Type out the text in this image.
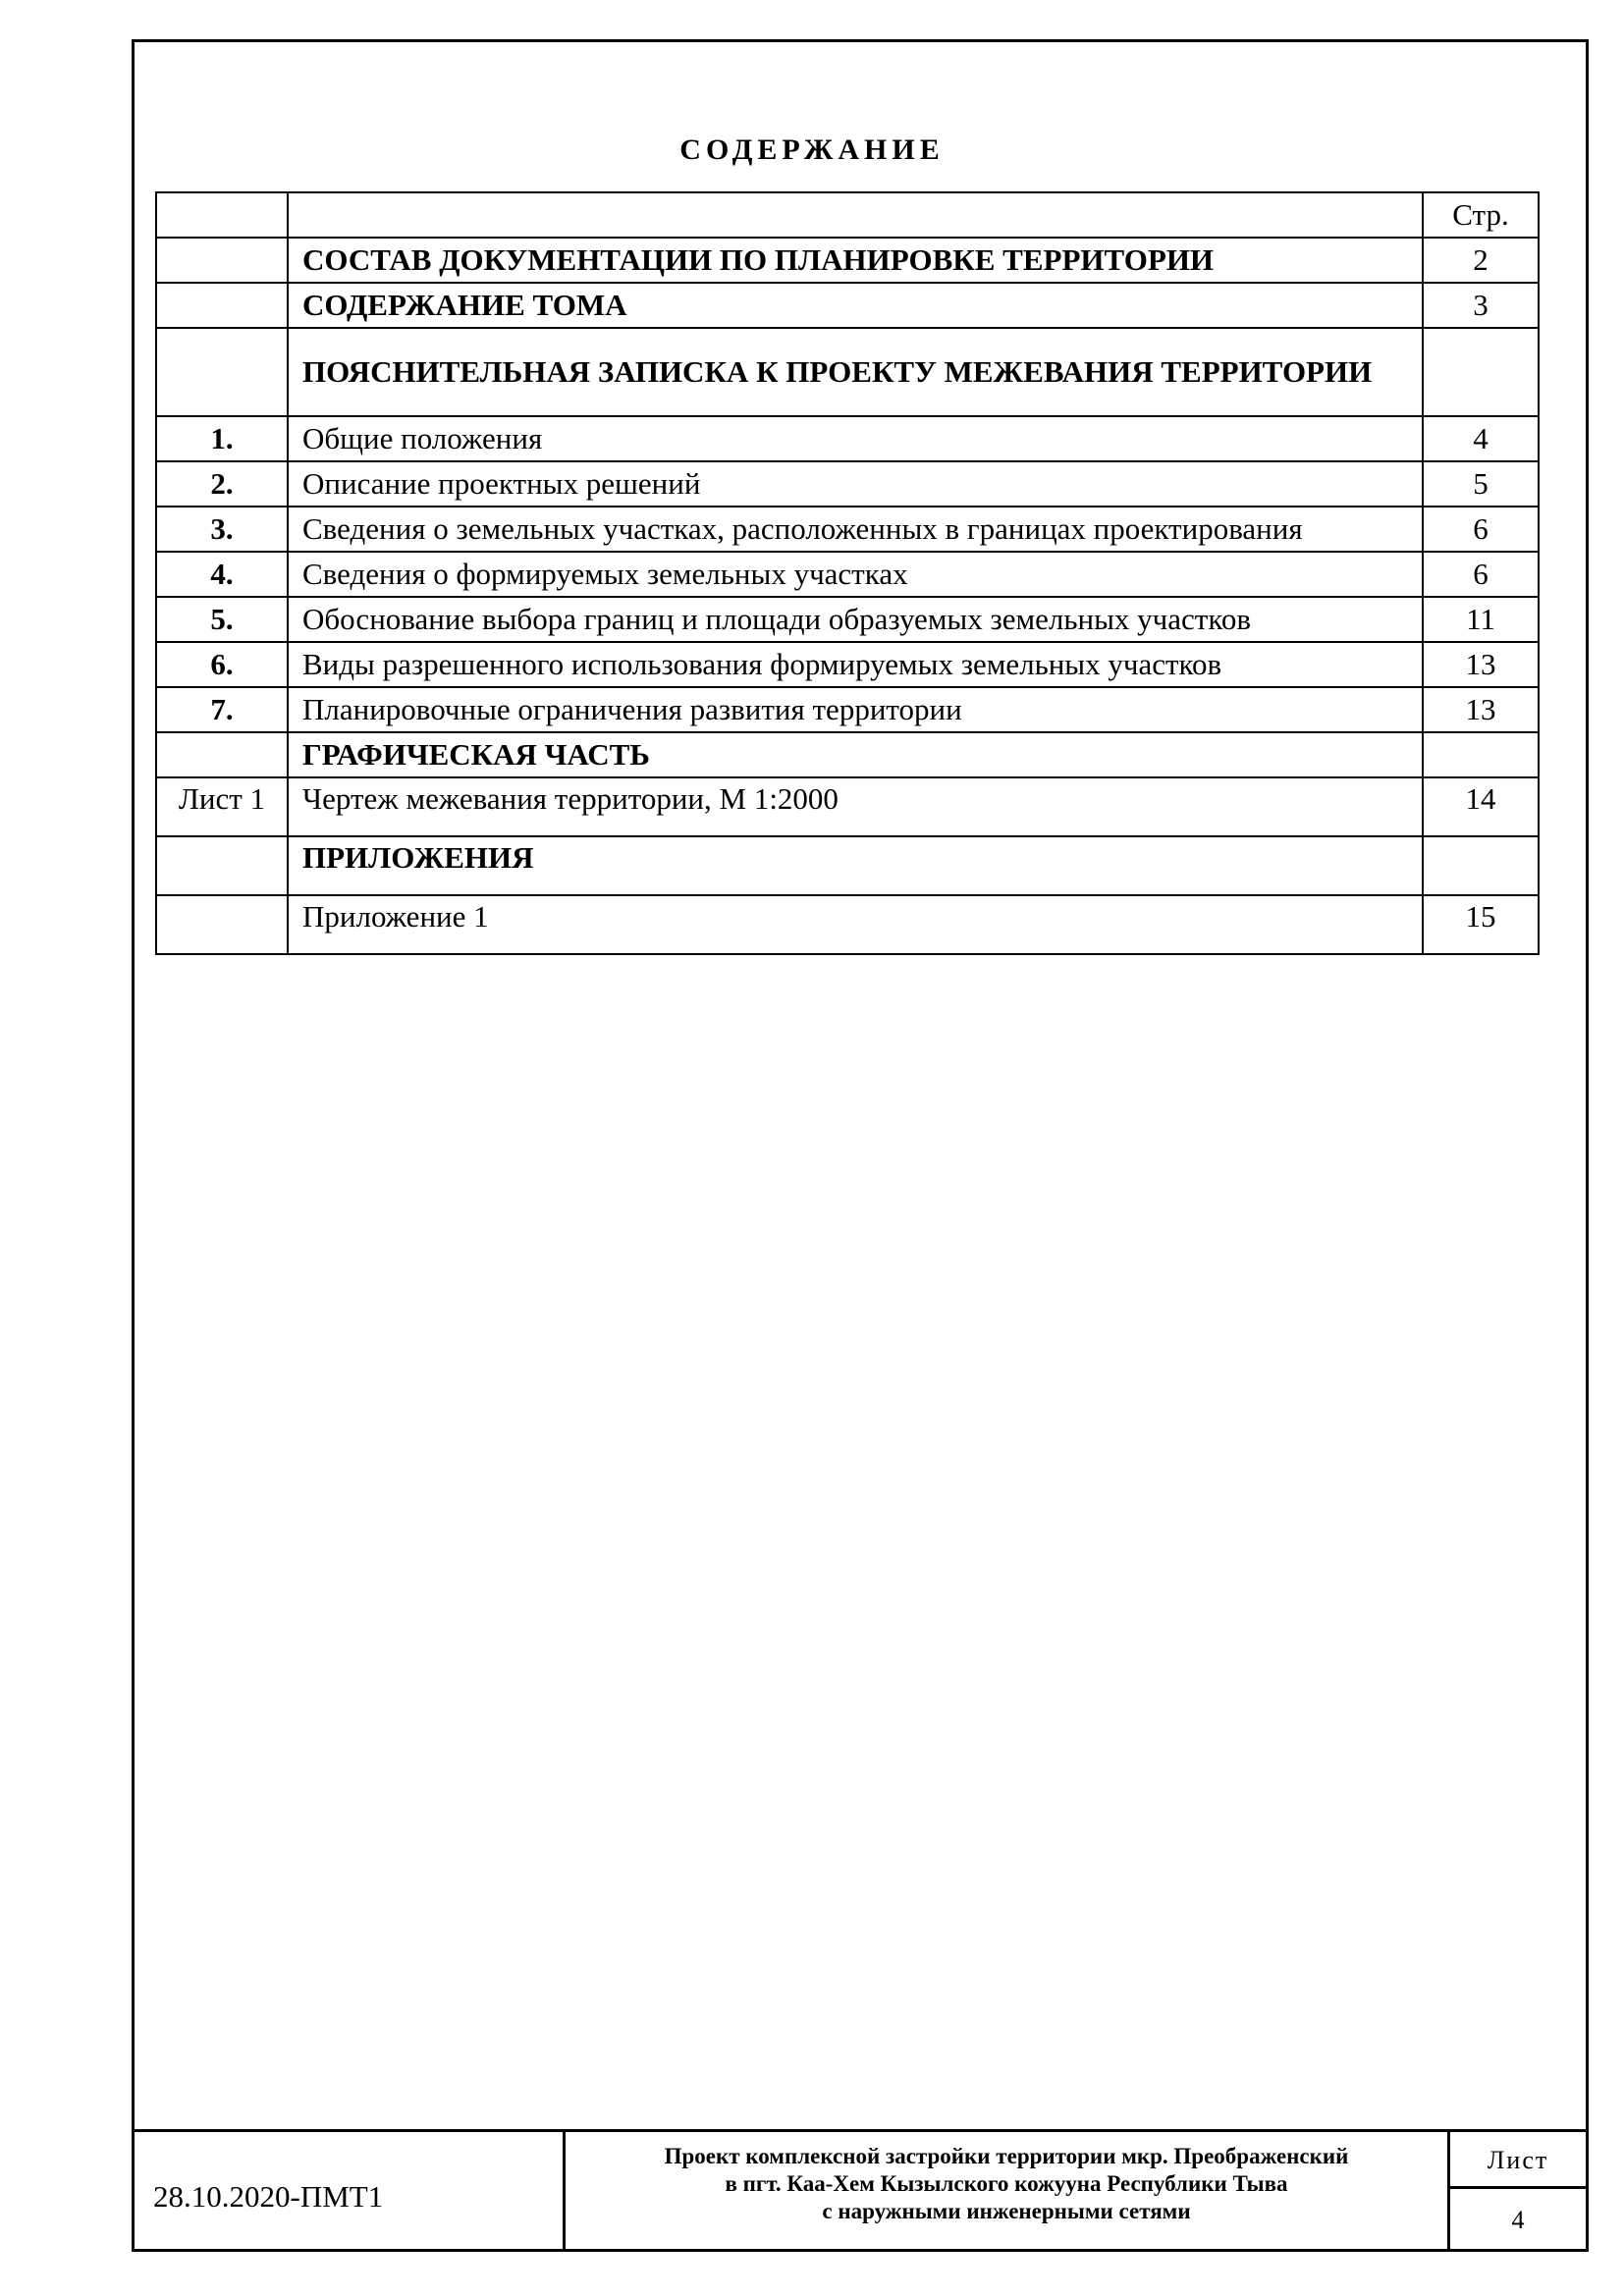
СОДЕРЖАНИЕ
		Стр.
	СОСТАВ ДОКУМЕНТАЦИИ ПО ПЛАНИРОВКЕ ТЕРРИТОРИИ	2
	СОДЕРЖАНИЕ ТОМА	3
	ПОЯСНИТЕЛЬНАЯ ЗАПИСКА К ПРОЕКТУ МЕЖЕВАНИЯ ТЕРРИТОРИИ	
1.	Общие положения	4
2.	Описание проектных решений	5
3.	Сведения о земельных участках, расположенных в границах проектирования	6
4.	Сведения о формируемых земельных участках	6
5.	Обоснование выбора границ и площади образуемых земельных участков	11
6.	Виды разрешенного использования формируемых земельных участков	13
7.	Планировочные ограничения развития территории	13
	ГРАФИЧЕСКАЯ ЧАСТЬ	
Лист 1	Чертеж межевания территории, М 1:2000	14
	ПРИЛОЖЕНИЯ	
	Приложение 1	15
28.10.2020-ПМТ1
Проект комплексной застройки территории мкр. Преображенский
в пгт. Каа-Хем Кызылского кожууна Республики Тыва
с наружными инженерными сетями
Лист
4
